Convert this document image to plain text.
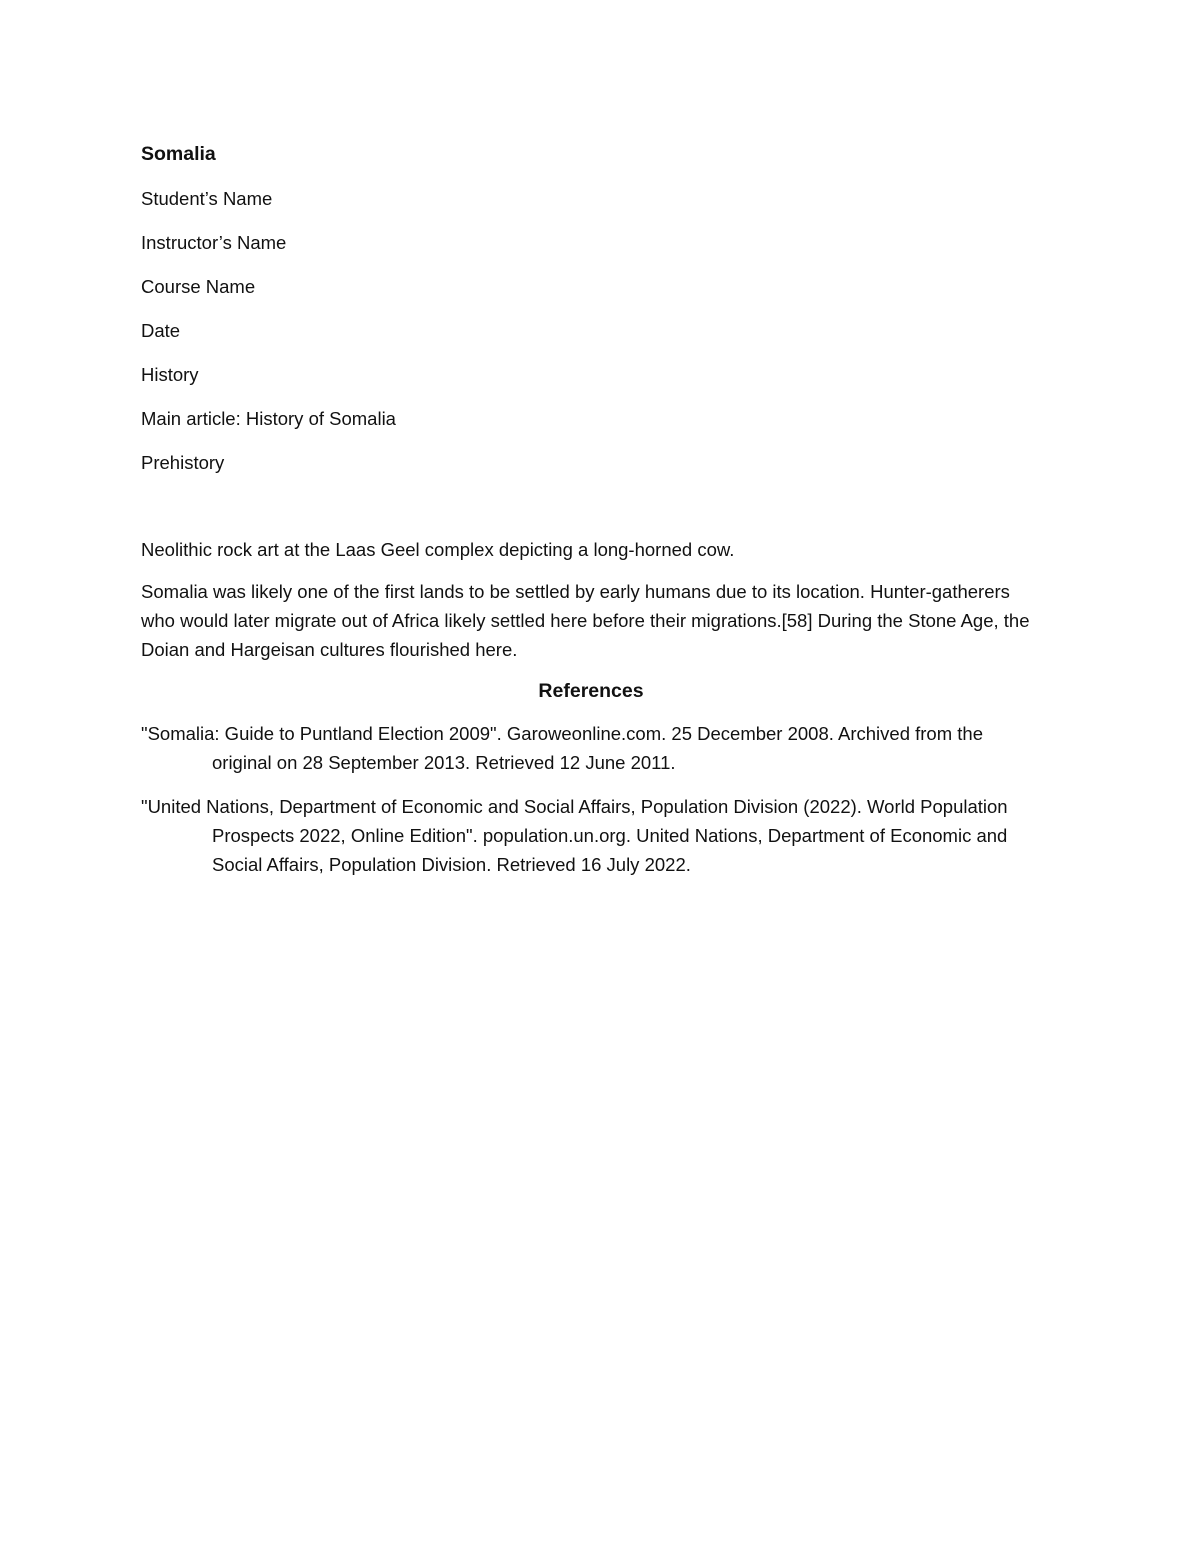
Somalia
Student’s Name
Instructor’s Name
Course Name
Date
History
Main article: History of Somalia
Prehistory
Neolithic rock art at the Laas Geel complex depicting a long-horned cow.
Somalia was likely one of the first lands to be settled by early humans due to its location. Hunter-gatherers who would later migrate out of Africa likely settled here before their migrations.[58] During the Stone Age, the Doian and Hargeisan cultures flourished here.
References
"Somalia: Guide to Puntland Election 2009". Garoweonline.com. 25 December 2008. Archived from the original on 28 September 2013. Retrieved 12 June 2011.
"United Nations, Department of Economic and Social Affairs, Population Division (2022). World Population Prospects 2022, Online Edition". population.un.org. United Nations, Department of Economic and Social Affairs, Population Division. Retrieved 16 July 2022.
